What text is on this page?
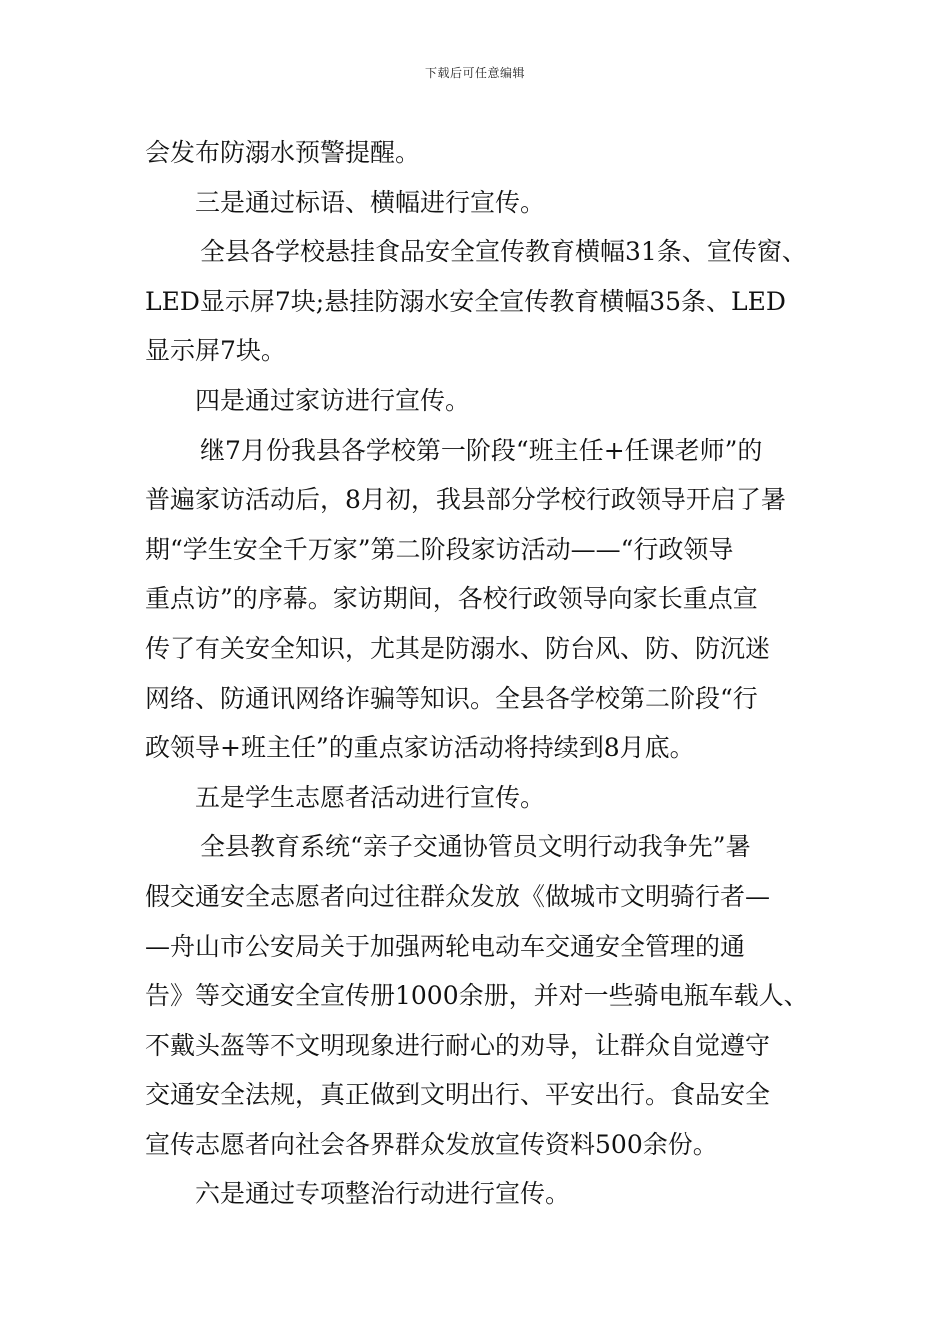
下载后可任意编辑
会发布防溺水预警提醒。
三是通过标语、横幅进行宣传。
全县各学校悬挂食品安全宣传教育横幅31条、宣传窗、
LED显示屏7块;悬挂防溺水安全宣传教育横幅35条、LED
显示屏7块。
四是通过家访进行宣传。
继7月份我县各学校第一阶段“班主任+任课老师”的
普遍家访活动后，8月初，我县部分学校行政领导开启了暑
期“学生安全千万家”第二阶段家访活动——“行政领导
重点访”的序幕。家访期间，各校行政领导向家长重点宣
传了有关安全知识，尤其是防溺水、防台风、防、防沉迷
网络、防通讯网络诈骗等知识。全县各学校第二阶段“行
政领导+班主任”的重点家访活动将持续到8月底。
五是学生志愿者活动进行宣传。
全县教育系统“亲子交通协管员文明行动我争先”暑
假交通安全志愿者向过往群众发放《做城市文明骑行者—
—舟山市公安局关于加强两轮电动车交通安全管理的通
告》等交通安全宣传册1000余册，并对一些骑电瓶车载人、
不戴头盔等不文明现象进行耐心的劝导，让群众自觉遵守
交通安全法规，真正做到文明出行、平安出行。食品安全
宣传志愿者向社会各界群众发放宣传资料500余份。
六是通过专项整治行动进行宣传。
